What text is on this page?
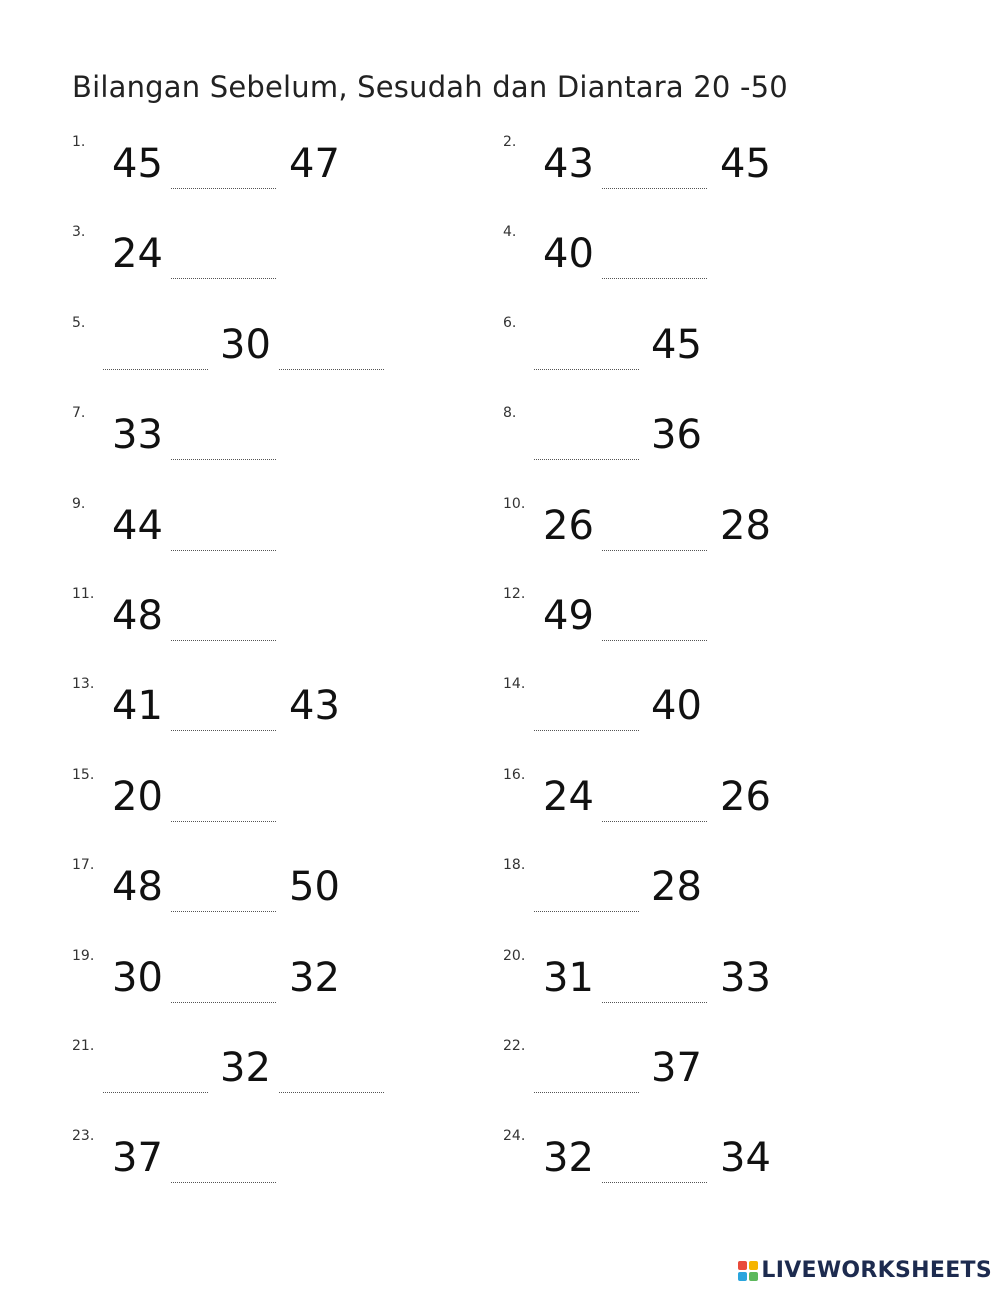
Bilangan Sebelum, Sesudah dan Diantara 20 -50
1. 45	47	2. 43	45
3. 24	4. 40
5.	30	6.	45
7. 33	8.	36
9. 44	10. 26	28
11. 48	12. 49
13. 41	43	14.	40
15. 20	16. 24	26
17. 48	50	18.	28
19. 30	32	20. 31	33
21.	32	22.	37
23. 37	24. 32	34
LIVEWORKSHEETS
